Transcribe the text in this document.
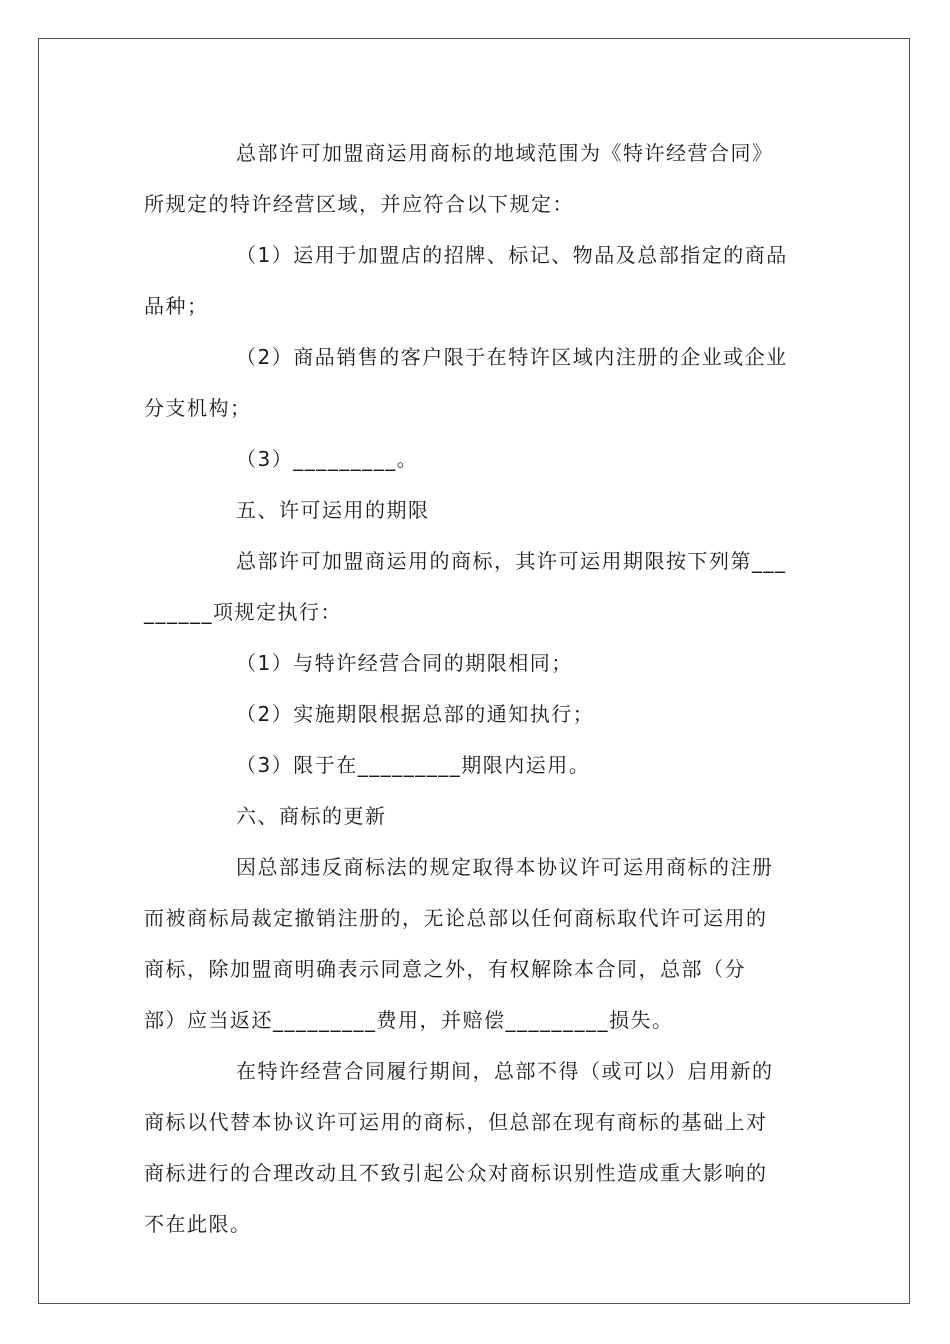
总部许可加盟商运用商标的地域范围为《特许经营合同》
所规定的特许经营区域，并应符合以下规定：
（1）运用于加盟店的招牌、标记、物品及总部指定的商品
品种；
（2）商品销售的客户限于在特许区域内注册的企业或企业
分支机构；
（3）_________。
五、许可运用的期限
总部许可加盟商运用的商标，其许可运用期限按下列第___
______项规定执行：
（1）与特许经营合同的期限相同；
（2）实施期限根据总部的通知执行；
（3）限于在_________期限内运用。
六、商标的更新
因总部违反商标法的规定取得本协议许可运用商标的注册
而被商标局裁定撤销注册的，无论总部以任何商标取代许可运用的
商标，除加盟商明确表示同意之外，有权解除本合同，总部（分
部）应当返还_________费用，并赔偿_________损失。
在特许经营合同履行期间，总部不得（或可以）启用新的
商标以代替本协议许可运用的商标，但总部在现有商标的基础上对
商标进行的合理改动且不致引起公众对商标识别性造成重大影响的
不在此限。
